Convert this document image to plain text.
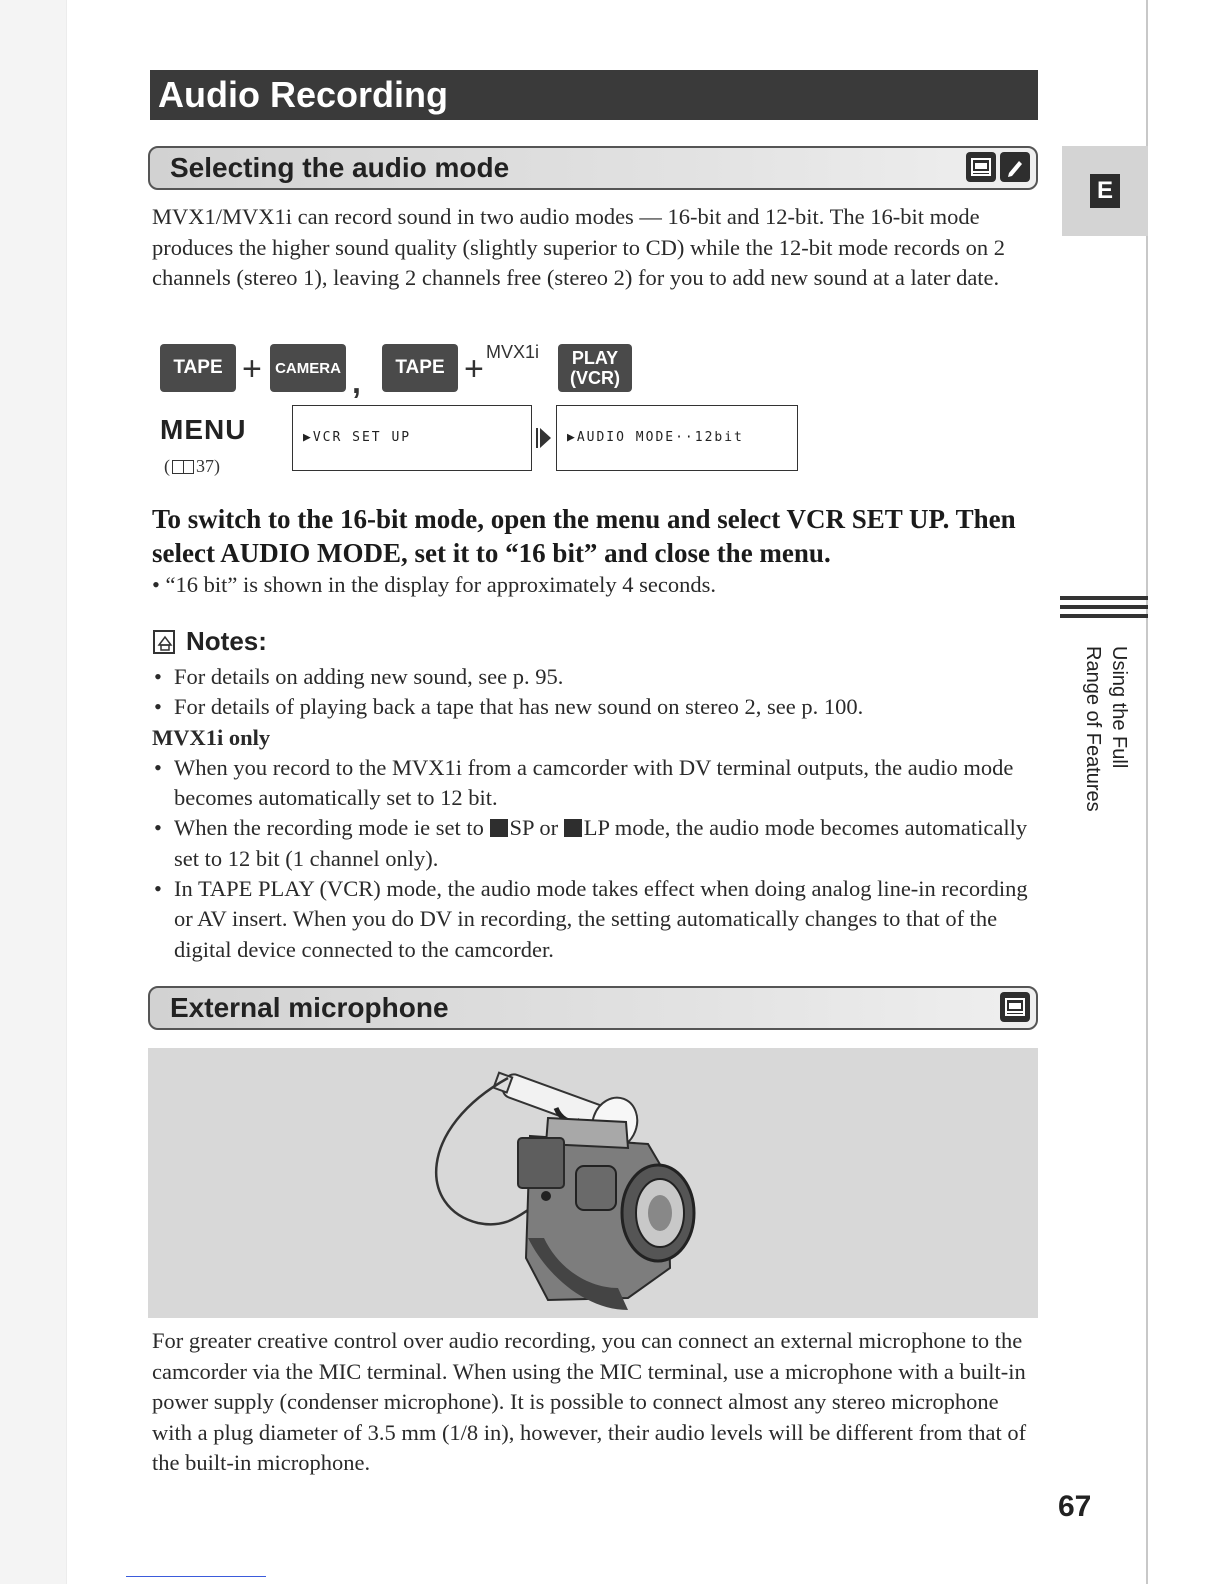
Audio Recording
Selecting the audio mode
E
Using the Full Range of Features

MVX1/MVX1i can record sound in two audio modes — 16-bit and 12-bit. The 16-bit mode produces the higher sound quality (slightly superior to CD) while the 12-bit mode records on 2 channels (stereo 1), leaving 2 channels free (stereo 2) for you to add new sound at a later date.

TAPE + CAMERA ,	TAPE + MVX1i PLAY
(VCR)
MENU
( 37)
▶VCR SET UP	▶AUDIO MODE··12bit
To switch to the 16-bit mode, open the menu and select VCR SET UP. Then select AUDIO MODE, set it to “16 bit” and close the menu.
• “16 bit” is shown in the display for approximately 4 seconds.
Notes:
• For details on adding new sound, see p. 95.
• For details of playing back a tape that has new sound on stereo 2, see p. 100.
MVX1i only
• When you record to the MVX1i from a camcorder with DV terminal outputs, the audio mode becomes automatically set to 12 bit.
• When the recording mode ie set to SP or LP mode, the audio mode becomes automatically set to 12 bit (1 channel only).
• In TAPE PLAY (VCR) mode, the audio mode takes effect when doing analog line-in recording or AV insert. When you do DV in recording, the setting automatically changes to that of the digital device connected to the camcorder.
External microphone

For greater creative control over audio recording, you can connect an external microphone to the camcorder via the MIC terminal. When using the MIC terminal, use a microphone with a built-in power supply (condenser microphone). It is possible to connect almost any stereo microphone with a plug diameter of 3.5 mm (1/8 in), however, their audio levels will be different from that of the built-in microphone.

67
